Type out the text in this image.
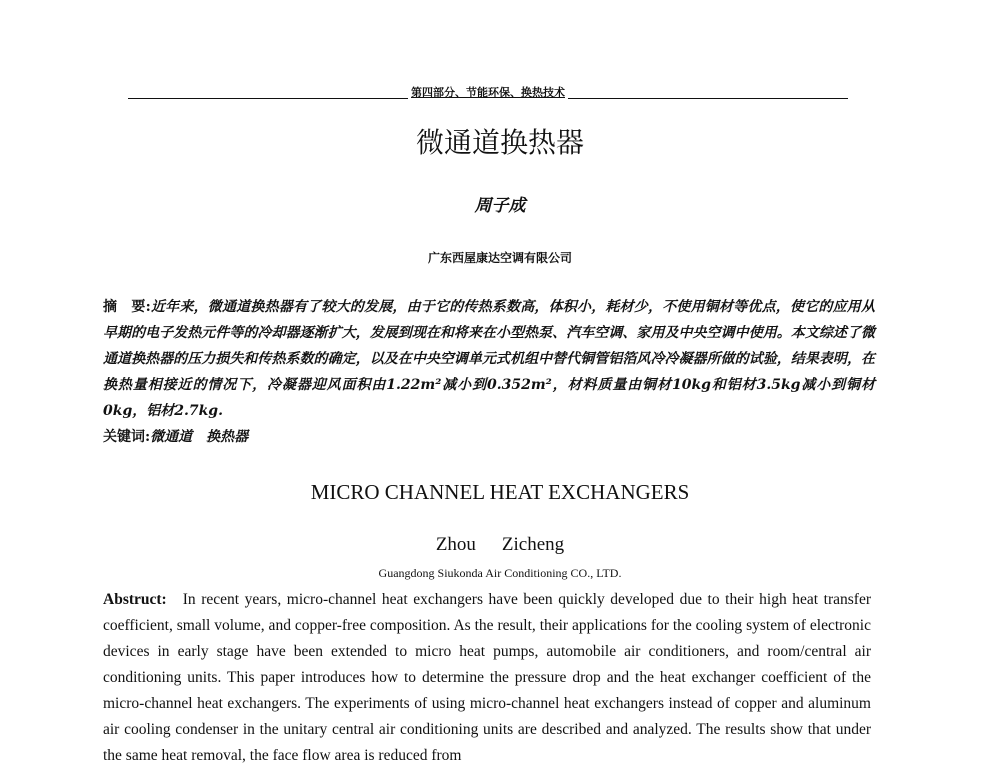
第四部分、节能环保、换热技术
微通道换热器
周子成
广东西屋康达空调有限公司

摘　要:近年来，微通道换热器有了较大的发展，由于它的传热系数高，体积小，耗材少，不使用铜材等优点，使它的应用从早期的电子发热元件等的冷却器逐渐扩大，发展到现在和将来在小型热泵、汽车空调、家用及中央空调中使用。本文综述了微通道换热器的压力损失和传热系数的确定，以及在中央空调单元式机组中替代铜管铝箔风冷冷凝器所做的试验，结果表明，在换热量相接近的情况下，冷凝器迎风面积由1.22m²减小到0.352m²，材料质量由铜材10kg和铝材3.5kg减小到铜材0kg，铝材2.7kg.

关键词:微通道　换热器

MICRO CHANNEL HEAT EXCHANGERS
Zhou Zicheng
Guangdong Siukonda Air Conditioning CO., LTD.

Abstruct: In recent years, micro-channel heat exchangers have been quickly developed due to their high heat transfer coefficient, small volume, and copper-free composition. As the result, their applications for the cooling system of electronic devices in early stage have been extended to micro heat pumps, automobile air conditioners, and room/central air conditioning units. This paper introduces how to determine the pressure drop and the heat exchanger coefficient of the micro-channel heat exchangers. The experiments of using micro-channel heat exchangers instead of copper and aluminum air cooling condenser in the unitary central air conditioning units are described and analyzed. The results show that under the same heat removal, the face flow area is reduced from
